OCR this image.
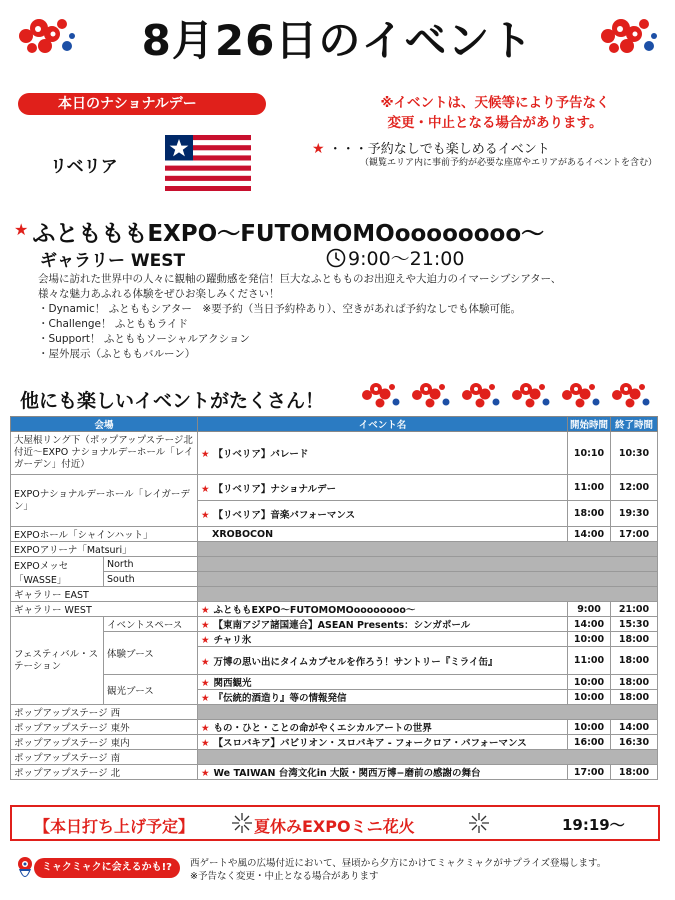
8月26日のイベント
本日のナショナルデー	※イベントは、天候等により予告なく
変更・中止となる場合があります。
リベリア
★ ・・・予約なしでも楽しめるイベント
（観覧エリア内に事前予約が必要な座席やエリアがあるイベントを含む）
★ ふともももEXPO〜FUTOMOMOoooooooo〜
ギャラリー WEST	9:00〜21:00
会場に訪れた世界中の人々に観軸の躍動感を発信！巨大なふともものお出迎えや大迫力のイマーシブシアター、
様々な魅力あふれる体験をぜひお楽しみください！
・Dynamic！ ふとももシアター　※要予約（当日予約枠あり）、空きがあれば予約なしでも体験可能。
・Challenge！ ふとももライド
・Support！ ふとももソーシャルアクション
・屋外展示（ふとももバルーン）
他にも楽しいイベントがたくさん！
会場		イベント名	開始時間	終了時間
大屋根リング下（ポップアップステージ北付近〜EXPO ナショナルデーホール「レイガーデン」付近）		★ 【リベリア】パレード	10:10	10:30
EXPOナショナルデーホール「レイガーデン」		★ 【リベリア】ナショナルデー	11:00	12:00
		★ 【リベリア】音楽パフォーマンス	18:00	19:30
EXPOホール「シャインハット」		XROBOCON	14:00	17:00
EXPOアリーナ「Matsuri」				
EXPOメッセ「WASSE」	North			
	South			
ギャラリー EAST				
ギャラリー WEST		★ ふとももEXPO〜FUTOMOMOoooooooo〜	9:00	21:00
フェスティバル・ステーション	イベントスペース	★ 【東南アジア諸国連合】ASEAN Presents：シンガポール	14:00	15:30
	体験ブース	★ チャリ氷	10:00	18:00
		★ 万博の思い出にタイムカプセルを作ろう！サントリー『ミライ缶』	11:00	18:00
	観光ブース	★ 関西観光	10:00	18:00
		★ 『伝統的酒造り』等の情報発信	10:00	18:00
ポップアップステージ 西				
ポップアップステージ 東外		★ もの・ひと・ことの命がやくエシカルアートの世界	10:00	14:00
ポップアップステージ 東内		★ 【スロバキア】パビリオン・スロバキア - フォークロア・パフォーマンス	16:00	16:30
ポップアップステージ 南				
ポップアップステージ 北		★ We TAIWAN 台湾文化in 大阪・関西万博−磨前の感謝の舞台	17:00	18:00
【本日打ち上げ予定】	夏休みEXPOミニ花火	19:19〜
ミャクミャクに会えるかも!?	西ゲートや風の広場付近において、昼頃から夕方にかけてミャクミャクがサプライズ登場します。
※予告なく変更・中止となる場合があります
